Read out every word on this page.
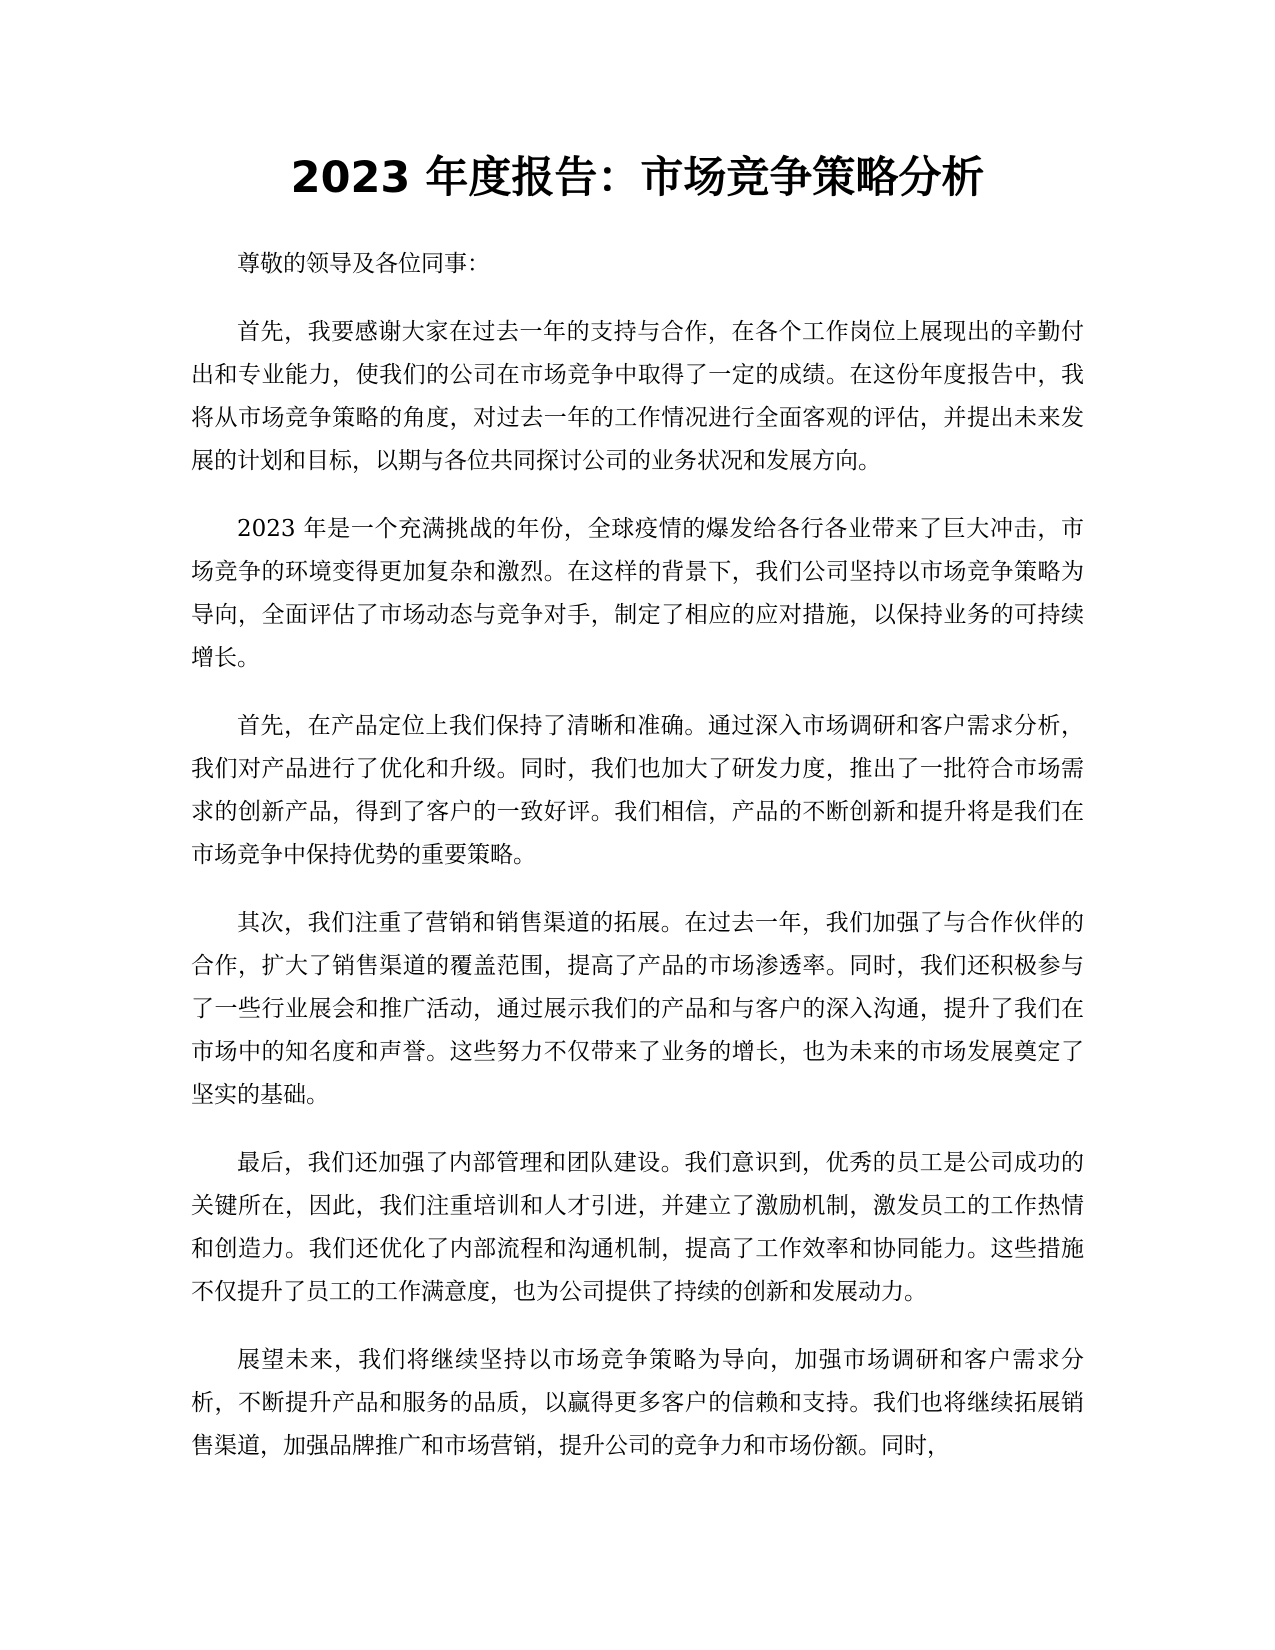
2023 年度报告：市场竞争策略分析

尊敬的领导及各位同事：

首先，我要感谢大家在过去一年的支持与合作，在各个工作岗位上展现出的辛勤付出和专业能力，使我们的公司在市场竞争中取得了一定的成绩。在这份年度报告中，我将从市场竞争策略的角度，对过去一年的工作情况进行全面客观的评估，并提出未来发展的计划和目标，以期与各位共同探讨公司的业务状况和发展方向。

2023 年是一个充满挑战的年份，全球疫情的爆发给各行各业带来了巨大冲击，市场竞争的环境变得更加复杂和激烈。在这样的背景下，我们公司坚持以市场竞争策略为导向，全面评估了市场动态与竞争对手，制定了相应的应对措施，以保持业务的可持续增长。

首先，在产品定位上我们保持了清晰和准确。通过深入市场调研和客户需求分析，我们对产品进行了优化和升级。同时，我们也加大了研发力度，推出了一批符合市场需求的创新产品，得到了客户的一致好评。我们相信，产品的不断创新和提升将是我们在市场竞争中保持优势的重要策略。

其次，我们注重了营销和销售渠道的拓展。在过去一年，我们加强了与合作伙伴的合作，扩大了销售渠道的覆盖范围，提高了产品的市场渗透率。同时，我们还积极参与了一些行业展会和推广活动，通过展示我们的产品和与客户的深入沟通，提升了我们在市场中的知名度和声誉。这些努力不仅带来了业务的增长，也为未来的市场发展奠定了坚实的基础。

最后，我们还加强了内部管理和团队建设。我们意识到，优秀的员工是公司成功的关键所在，因此，我们注重培训和人才引进，并建立了激励机制，激发员工的工作热情和创造力。我们还优化了内部流程和沟通机制，提高了工作效率和协同能力。这些措施不仅提升了员工的工作满意度，也为公司提供了持续的创新和发展动力。

展望未来，我们将继续坚持以市场竞争策略为导向，加强市场调研和客户需求分析，不断提升产品和服务的品质，以赢得更多客户的信赖和支持。我们也将继续拓展销售渠道，加强品牌推广和市场营销，提升公司的竞争力和市场份额。同时，
